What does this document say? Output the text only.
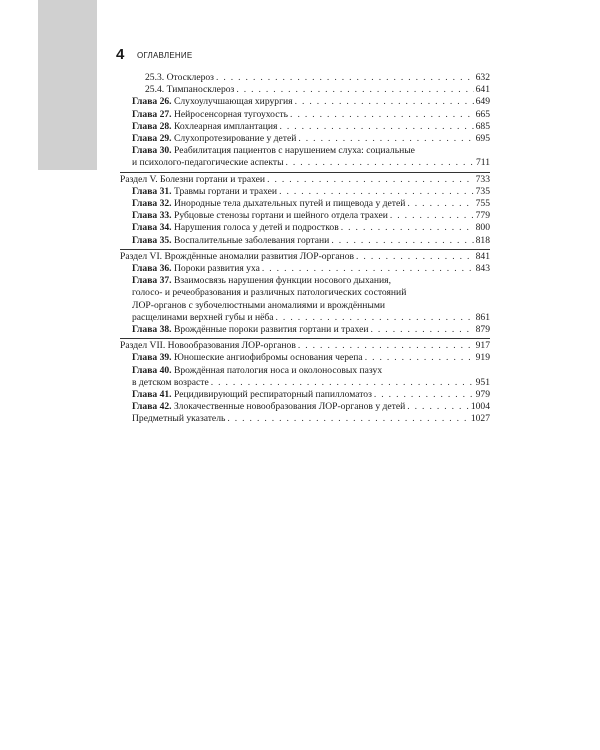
4 ОГЛАВЛЕНИЕ
25.3. Отосклероз . . .	632
25.4. Тимпаносклероз . . .	641
Глава 26. Слухоулучшающая хирургия . . .	649
Глава 27. Нейросенсорная тугоухость . . .	665
Глава 28. Кохлеарная имплантация . . .	685
Глава 29. Слухопротезирование у детей . . .	695
Глава 30. Реабилитация пациентов с нарушением слуха: социальные
и психолого-педагогические аспекты . . .	711
Раздел V. Болезни гортани и трахеи . . .	733
Глава 31. Травмы гортани и трахеи . . .	735
Глава 32. Инородные тела дыхательных путей и пищевода у детей . . .	755
Глава 33. Рубцовые стенозы гортани и шейного отдела трахеи . . .	779
Глава 34. Нарушения голоса у детей и подростков . . .	800
Глава 35. Воспалительные заболевания гортани . . .	818
Раздел VI. Врождённые аномалии развития ЛОР-органов . . .	841
Глава 36. Пороки развития уха . . .	843
Глава 37. Взаимосвязь нарушения функции носового дыхания,
голосо- и речеобразования и различных патологических состояний
ЛОР-органов с зубочелюстными аномалиями и врождёнными
расщелинами верхней губы и нёба . . .	861
Глава 38. Врождённые пороки развития гортани и трахеи . . .	879
Раздел VII. Новообразования ЛОР-органов . . .	917
Глава 39. Юношеские ангиофибромы основания черепа . . .	919
Глава 40. Врождённая патология носа и околоносовых пазух
в детском возрасте . . .	951
Глава 41. Рецидивирующий респираторный папилломатоз . . .	979
Глава 42. Злокачественные новообразования ЛОР-органов у детей . . .	1004
Предметный указатель . . .	1027
